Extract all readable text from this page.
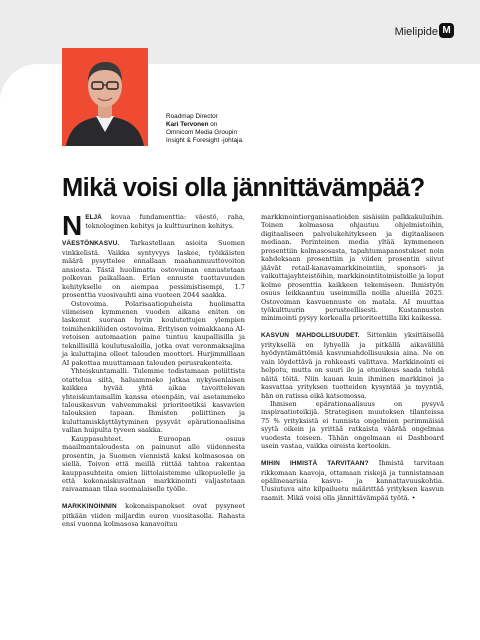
Mielipide M
Roadmap Director
Kari Tervonen on
Omnicom Media Groupin
Insight & Foresight -johtaja.
Mikä voisi olla jännittävämpää?

NELJÄ kovaa fundamenttia: väestö, raha, teknologinen kehitys ja kulttuurinen kehitys.

VÄESTÖNKASVU. Tarkastellaan asioita Suomen vinkkelistä. Vaikka syntyvyys laskee, työikäisten määrä pysyttelee ennallaan maahanmuuttovoiton ansiosta. Tästä huolimatta ostovoiman ennustetaan polkevan paikallaan. Erlan ennuste tuottavuuden kehitykselle on aiempaa pessimistisempi, 1.7 prosenttia vuosivauhti aina vuoteen 2044 saakka.

Ostovoima. Polarisaatiopuheista huolimatta viimeisen kymmenen vuoden aikana eniten on laskenut suoraan hyvin koulutettujen ylempien toimihenkilöiden ostovoima. Erityisen voimakkaana AI-vetoisen automaation paine tuntuu kaupallisilla ja teknillisillä koulutusaloilla, jotka ovat veronmaksajina ja kuluttajina olleet talouden moottori. Hurjimmillaan AI pakottaa muuttamaan talouden perusrakenteita.

Yhteiskuntamalli. Tulemme todistamaan poliittista otattelua siitä, haluammeko jatkaa nykyisenlaisen kaikkea hyvää yhtä aikaa tavoittelevan yhteiskuntamallin kanssa eteenpäin, vai asetammeko talouskasvun vahvemmaksi prioriteetiksi kasvavien talouksien tapaan. Ihmisten poliittinen ja kuluttamiskäyttäytyminen pysyvät epärationaalisina vallan huipulta tyveen saakka.

Kauppasuhteet. Euroopan osuus maailmantaloudesta on painunut alle viidennesta prosentin, ja Suomen viennistä kaksi kolmasosaa on siellä. Toivon että meillä riittää tahtoa rakentaa kauppasuhteita omien liittolaistemme ulkopuolelle ja että kokonaiskuvaltaan markkinointi valjastetaan raivaamaan tilaa suomalaiselle työlle.

MARKKINOINNIN kokonaispanokset ovat pysyneet pitkään viiden miljardin euron vuositasolla. Rahasta ensi vuonna kolmasosa kanavoituu

markkinointiorganisaatioiden sisäisiin palkkakuluihin. Toinen kolmasosa ohjautuu ohjelmistoihin, digitaaliseen palvelukehitykseen ja digitaaliseen mediaan. Perinteinen media yltää kymmeneen prosenttiin kolmasosasta, tapahtumapanostukset noin kahdeksaan prosenttiin ja viiden prosentin siivut jäävät retail-kanavamarkkinointiin, sponsori- ja vaikuttajayhteistöihin, markkinointitoimistoille ja loput kolme prosenttia kaikkeen tekemiseen. Ihmistyön osuus leikkaantuu useimmilla noilla alueilla 2025. Ostovoiman kasvuennuste on matala. AI muuttaa työkulttuurin perusteellisesti. Kustannusten minimointi pysyy korkealla prioriteettilla liki kaikessa.

KASVUN MAHDOLLISUUDET. Sittenkin yksittäisellä yrityksellä on lyhyellä ja pitkällä aikavälillä hyödyntämättömiä kasvumahdollisuuksia aina. Ne on vain löydettävä ja rohkeasti valittava. Markkinointi ei helpotu, mutta on suuri ilo ja etuoikeus saada tehdä näitä töitä. Niin kauan kuin ihminen markkinoi ja kasvattaa yrityksen tuotteiden kysyntää ja myyntiä, hän on ratissa eikä katsomossa.

Ihmisen epärationaalisuus on pysyvä inspiraatioteikijä. Strategisen muutoksen tilanteissa 75 % yrityksistä ei tunnista ongelmien perimmäisiä syytä oikein ja yrittää ratkaista väärää ongelmaa vuodesta toiseen. Tähän ongelmaan ei Dashboard usein vastaa, vaikka oireista kertookin.

MIHIN IHMISTÄ TARVITAAN? Ihmistä tarvitaan rikkomaan kaavoja, ottamaan riskejä ja tunnistamaan epälineaarisia kasvu- ja kannattavuuskohtia. Uusiutuva aito kilpailuetu määrittää yrityksen kasvun raamit. Mikä voisi olla jännittävämpää työtä. •
